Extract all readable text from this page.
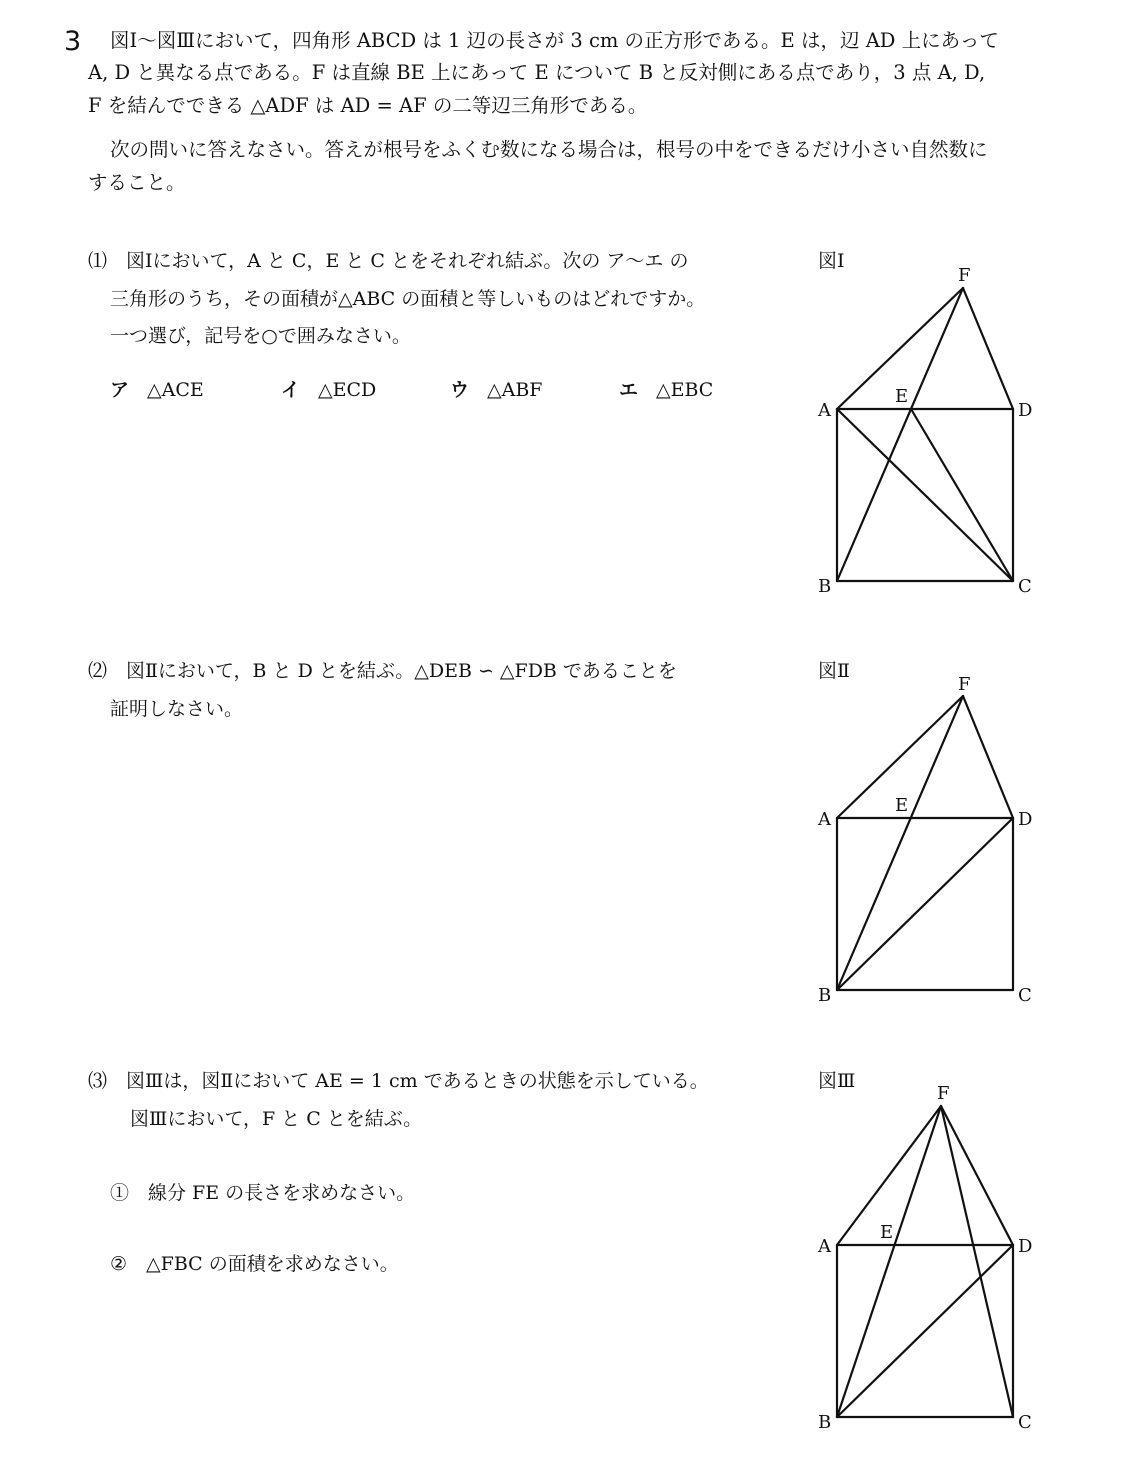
3 図Ⅰ～図Ⅲにおいて，四角形 ABCD は 1 辺の長さが 3 cm の正方形である。E は，辺 AD 上にあって
A, D と異なる点である。F は直線 BE 上にあって E について B と反対側にある点であり，3 点 A, D,
F を結んでできる △ADF は AD = AF の二等辺三角形である。
次の問いに答えなさい。答えが根号をふくむ数になる場合は，根号の中をできるだけ小さい自然数に
すること。
⑴　図Ⅰにおいて，A と C，E と C とをそれぞれ結ぶ。次の ア～エ の
三角形のうち，その面積が△ABC の面積と等しいものはどれですか。
一つ選び，記号を○で囲みなさい。
ア △ACE	イ △ECD	ウ △ABF	エ △EBC
⑵　図Ⅱにおいて，B と D とを結ぶ。△DEB ∽ △FDB であることを
証明しなさい。
⑶　図Ⅲは，図Ⅱにおいて AE = 1 cm であるときの状態を示している。
図Ⅲにおいて，F と C とを結ぶ。
①　線分 FE の長さを求めなさい。
②　△FBC の面積を求めなさい。
図Ⅰ
図Ⅱ
図Ⅲ
A
B	C
D
E
F
A
B	C
D
E
F
A
B	C
D
E
F
